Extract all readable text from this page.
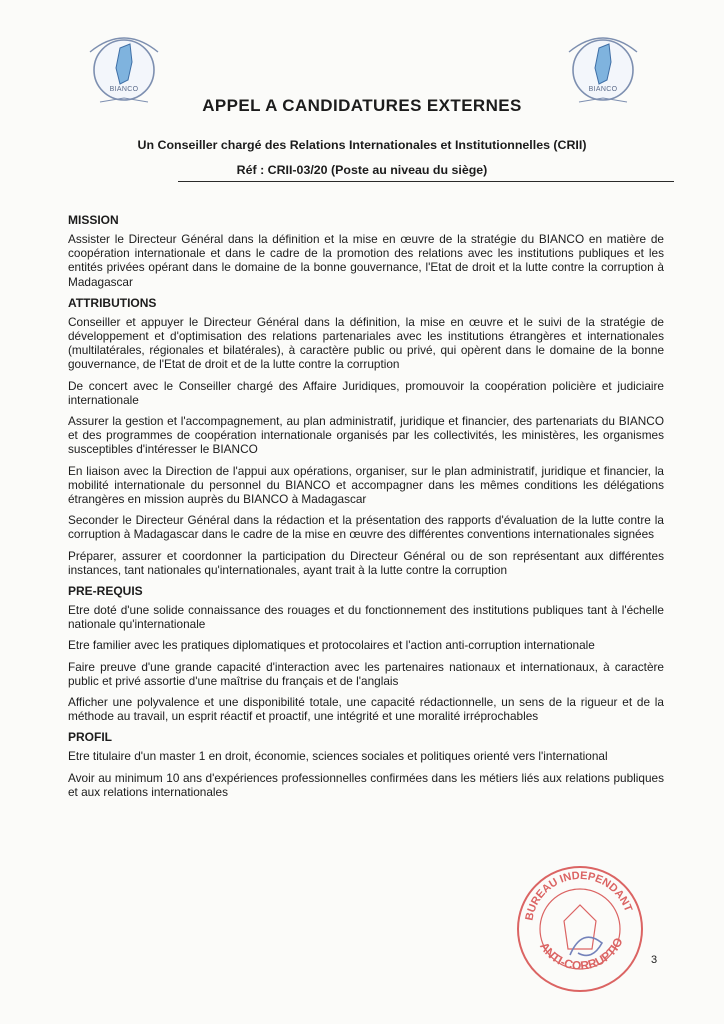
BIANCO	BIANCO
APPEL A CANDIDATURES EXTERNES
Un Conseiller chargé des Relations Internationales et Institutionnelles (CRII)
Réf : CRII-03/20 (Poste au niveau du siège)
MISSION

Assister le Directeur Général dans la définition et la mise en œuvre de la stratégie du BIANCO en matière de coopération internationale et dans le cadre de la promotion des relations avec les institutions publiques et les entités privées opérant dans le domaine de la bonne gouvernance, l'Etat de droit et la lutte contre la corruption à Madagascar

ATTRIBUTIONS

Conseiller et appuyer le Directeur Général dans la définition, la mise en œuvre et le suivi de la stratégie de développement et d'optimisation des relations partenariales avec les institutions étrangères et internationales (multilatérales, régionales et bilatérales), à caractère public ou privé, qui opèrent dans le domaine de la bonne gouvernance, de l'Etat de droit et de la lutte contre la corruption

De concert avec le Conseiller chargé des Affaire Juridiques, promouvoir la coopération policière et judiciaire internationale

Assurer la gestion et l'accompagnement, au plan administratif, juridique et financier, des partenariats du BIANCO et des programmes de coopération internationale organisés par les collectivités, les ministères, les organismes susceptibles d'intéresser le BIANCO

En liaison avec la Direction de l'appui aux opérations, organiser, sur le plan administratif, juridique et financier, la mobilité internationale du personnel du BIANCO et accompagner dans les mêmes conditions les délégations étrangères en mission auprès du BIANCO à Madagascar

Seconder le Directeur Général dans la rédaction et la présentation des rapports d'évaluation de la lutte contre la corruption à Madagascar dans le cadre de la mise en œuvre des différentes conventions internationales signées

Préparer, assurer et coordonner la participation du Directeur Général ou de son représentant aux différentes instances, tant nationales qu'internationales, ayant trait à la lutte contre la corruption

PRE-REQUIS

Etre doté d'une solide connaissance des rouages et du fonctionnement des institutions publiques tant à l'échelle nationale qu'internationale

Etre familier avec les pratiques diplomatiques et protocolaires et l'action anti-corruption internationale

Faire preuve d'une grande capacité d'interaction avec les partenaires nationaux et internationaux, à caractère public et privé assortie d'une maîtrise du français et de l'anglais

Afficher une polyvalence et une disponibilité totale, une capacité rédactionnelle, un sens de la rigueur et de la méthode au travail, un esprit réactif et proactif, une intégrité et une moralité irréprochables

PROFIL

Etre titulaire d'un master 1 en droit, économie, sciences sociales et politiques orienté vers l'international

Avoir au minimum 10 ans d'expériences professionnelles confirmées dans les métiers liés aux relations publiques et aux relations internationales

BUREAU INDEPENDANT
ANTI-CORRUPTIO
3
